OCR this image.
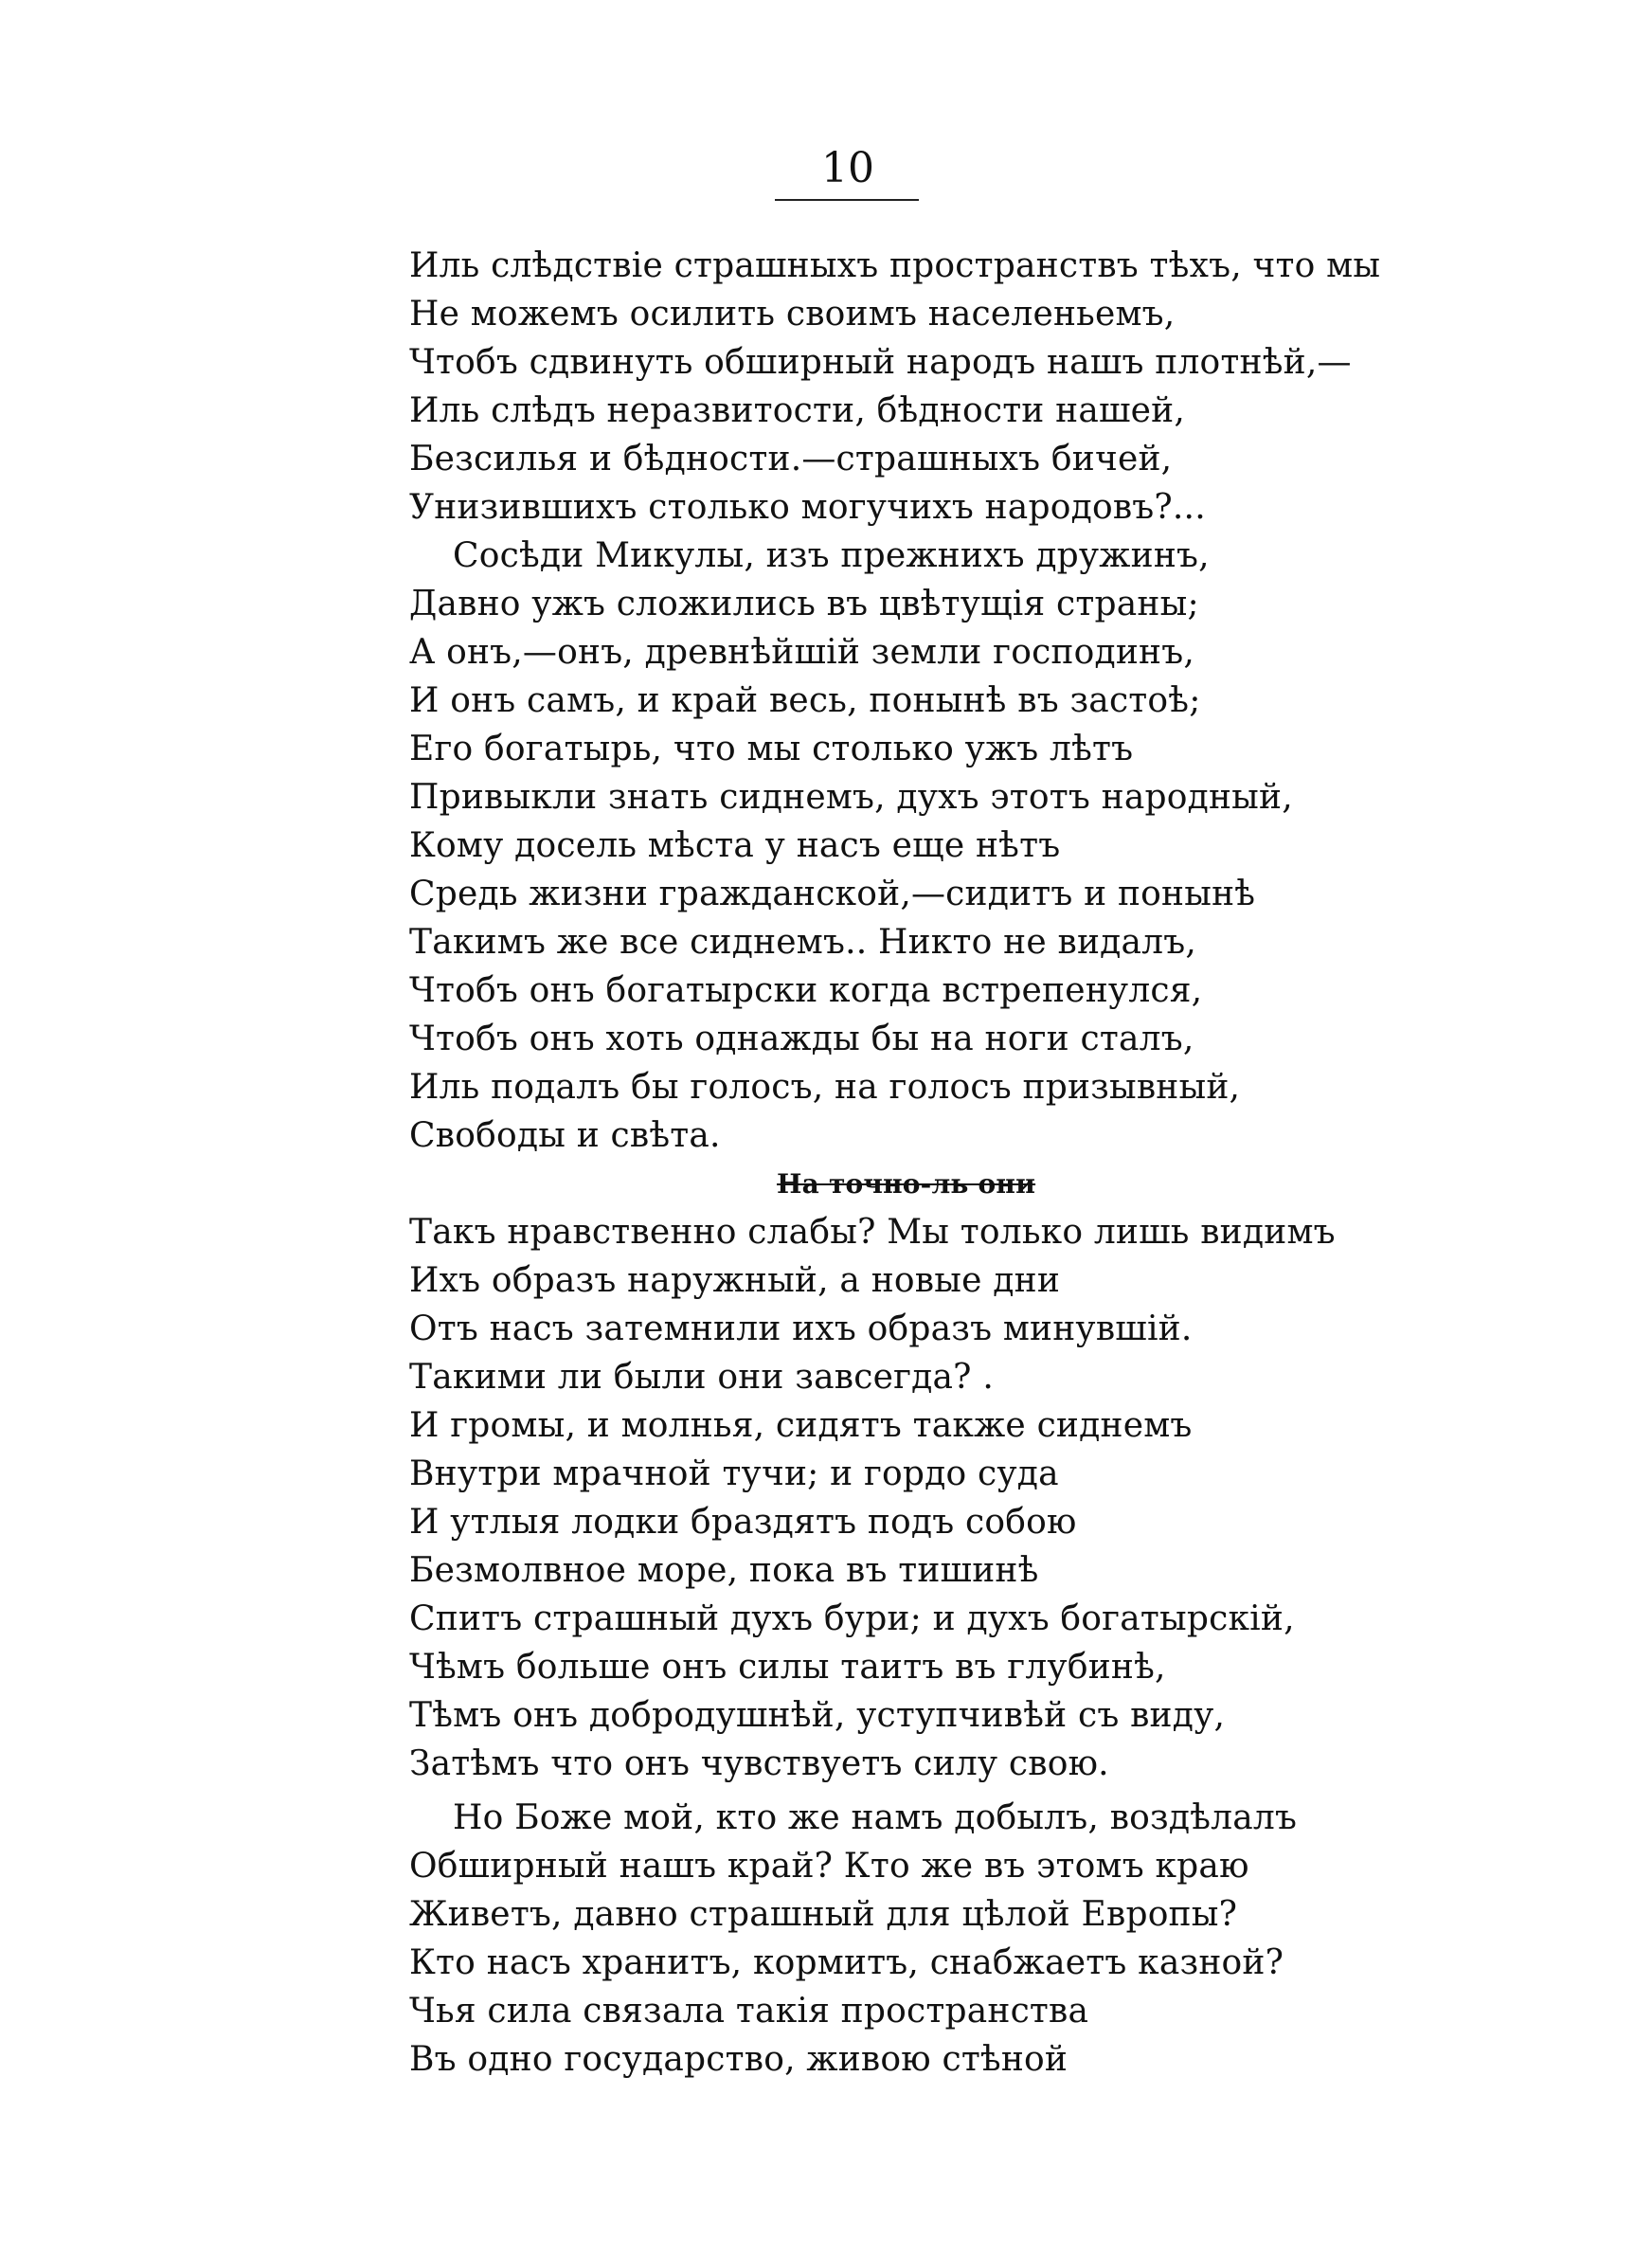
10
Иль слѣдствіе страшныхъ пространствъ тѣхъ, что мы
Не можемъ осилить своимъ населеньемъ,
Чтобъ сдвинуть обширный народъ нашъ плотнѣй,—
Иль слѣдъ неразвитости, бѣдности нашей,
Безсилья и бѣдности.—страшныхъ бичей,
Унизившихъ столько могучихъ народовъ?...
Сосѣди Микулы, изъ прежнихъ дружинъ,
Давно ужъ сложились въ цвѣтущія страны;
А онъ,—онъ, древнѣйшій земли господинъ,
И онъ самъ, и край весь, понынѣ въ застоѣ;
Его богатырь, что мы столько ужъ лѣтъ
Привыкли знать сиднемъ, духъ этотъ народный,
Кому досель мѣста у насъ еще нѣтъ
Средь жизни гражданской,—сидитъ и понынѣ
Такимъ же все сиднемъ.. Никто не видалъ,
Чтобъ онъ богатырски когда встрепенулся,
Чтобъ онъ хоть однажды бы на ноги сталъ,
Иль подалъ бы голосъ, на голосъ призывный,
Свободы и свѣта.
На точно-ль они
Такъ нравственно слабы? Мы только лишь видимъ
Ихъ образъ наружный, а новые дни
Отъ насъ затемнили ихъ образъ минувшій.
Такими ли были они завсегда? .
И громы, и молнья, сидятъ также сиднемъ
Внутри мрачной тучи; и гордо суда
И утлыя лодки браздятъ подъ собою
Безмолвное море, пока въ тишинѣ
Спитъ страшный духъ бури; и духъ богатырскій,
Чѣмъ больше онъ силы таитъ въ глубинѣ,
Тѣмъ онъ добродушнѣй, уступчивѣй съ виду,
Затѣмъ что онъ чувствуетъ силу свою.
Но Боже мой, кто же намъ добылъ, воздѣлалъ
Обширный нашъ край? Кто же въ этомъ краю
Живетъ, давно страшный для цѣлой Европы?
Кто насъ хранитъ, кормитъ, снабжаетъ казной?
Чья сила связала такія пространства
Въ одно государство, живою стѣной
